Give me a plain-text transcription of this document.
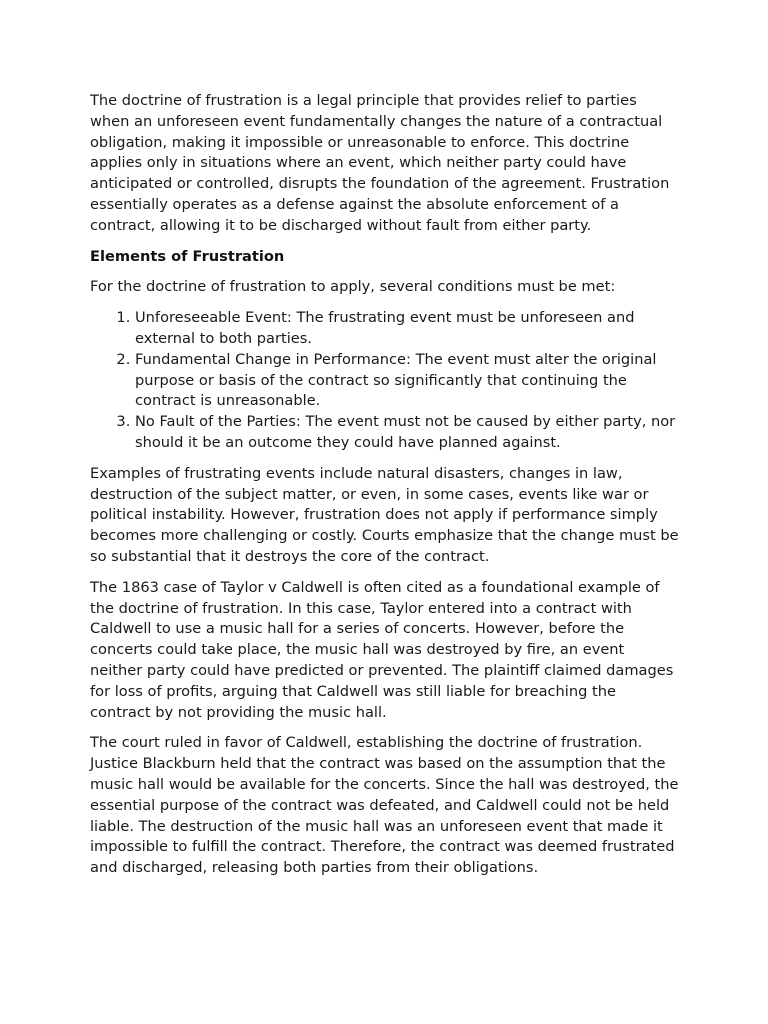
The doctrine of frustration is a legal principle that provides relief to parties when an unforeseen event fundamentally changes the nature of a contractual obligation, making it impossible or unreasonable to enforce. This doctrine applies only in situations where an event, which neither party could have anticipated or controlled, disrupts the foundation of the agreement. Frustration essentially operates as a defense against the absolute enforcement of a contract, allowing it to be discharged without fault from either party.

Elements of Frustration

For the doctrine of frustration to apply, several conditions must be met:

1. Unforeseeable Event: The frustrating event must be unforeseen and external to both parties.
2. Fundamental Change in Performance: The event must alter the original purpose or basis of the contract so significantly that continuing the contract is unreasonable.
3. No Fault of the Parties: The event must not be caused by either party, nor should it be an outcome they could have planned against.

Examples of frustrating events include natural disasters, changes in law, destruction of the subject matter, or even, in some cases, events like war or political instability. However, frustration does not apply if performance simply becomes more challenging or costly. Courts emphasize that the change must be so substantial that it destroys the core of the contract.

The 1863 case of Taylor v Caldwell is often cited as a foundational example of the doctrine of frustration. In this case, Taylor entered into a contract with Caldwell to use a music hall for a series of concerts. However, before the concerts could take place, the music hall was destroyed by fire, an event neither party could have predicted or prevented. The plaintiff claimed damages for loss of profits, arguing that Caldwell was still liable for breaching the contract by not providing the music hall.

The court ruled in favor of Caldwell, establishing the doctrine of frustration. Justice Blackburn held that the contract was based on the assumption that the music hall would be available for the concerts. Since the hall was destroyed, the essential purpose of the contract was defeated, and Caldwell could not be held liable. The destruction of the music hall was an unforeseen event that made it impossible to fulfill the contract. Therefore, the contract was deemed frustrated and discharged, releasing both parties from their obligations.
